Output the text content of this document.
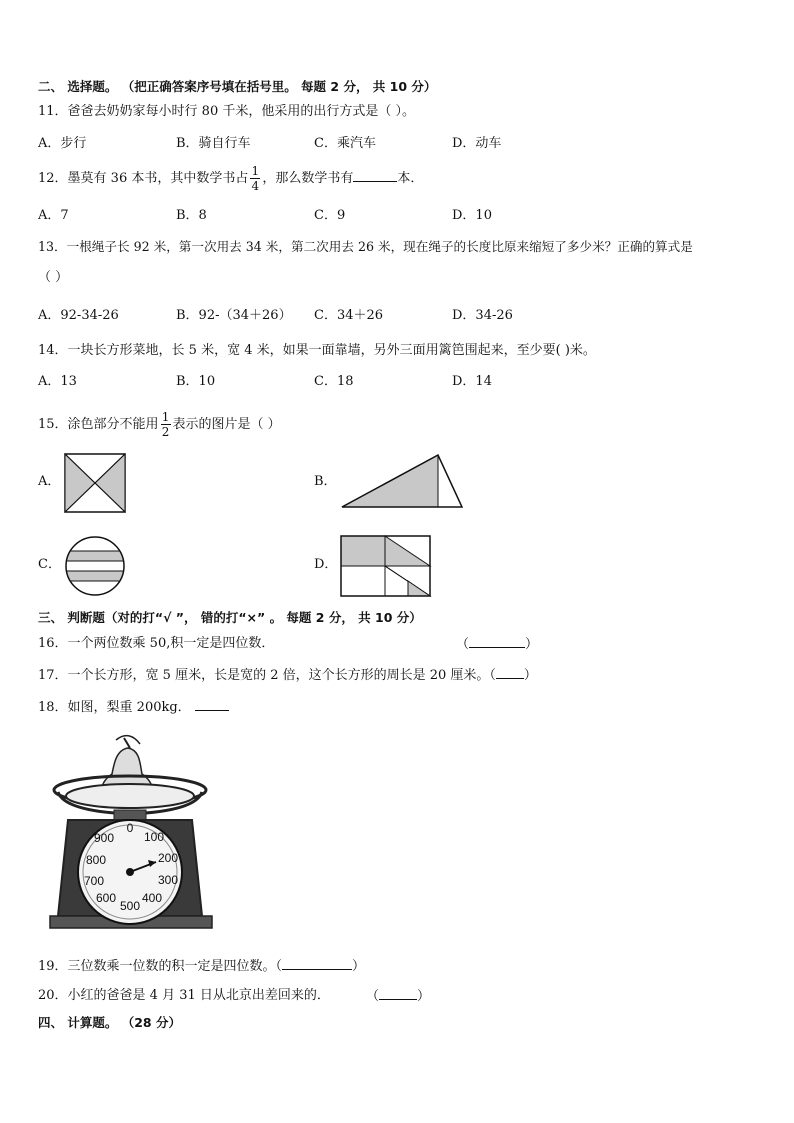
二、 选择题。 （把正确答案序号填在括号里。 每题 2 分， 共 10 分）
11．爸爸去奶奶家每小时行 80 千米，他采用的出行方式是（ ）。
A．步行	B．骑自行车	C．乘汽车	D．动车
12．墨莫有 36 本书，其中数学书占 $\frac{1}{4}$ ，那么数学书有	本．
A．7	B．8	C．9	D．10
13．一根绳子长 92 米，第一次用去 34 米，第二次用去 26 米，现在绳子的长度比原来缩短了多少米？正确的算式是
（ ）
A．92-34-26	B．92-（34＋26） C．34＋26	D．34-26
14．一块长方形菜地，长 5 米，宽 4 米，如果一面靠墙，另外三面用篱笆围起来，至少要( )米。
A．13	B．10	C．18	D．14
15．涂色部分不能用 $\frac{1}{2}$ 表示的图片是（ ）
A．	B．
C．	D．
三、 判断题（对的打“√ ”， 错的打“×” 。 每题 2 分， 共 10 分）
16．一个两位数乘 50,积一定是四位数．	（	）
17．一个长方形，宽 5 厘米，长是宽的 2 倍，这个长方形的周长是 20 厘米。（ ）
18．如图，梨重 200kg．
0
100
200
300
400
500
600
700
800
900
19．三位数乘一位数的积一定是四位数。（	）
20．小红的爸爸是 4 月 31 日从北京出差回来的．	（	）
四、 计算题。 （28 分）
